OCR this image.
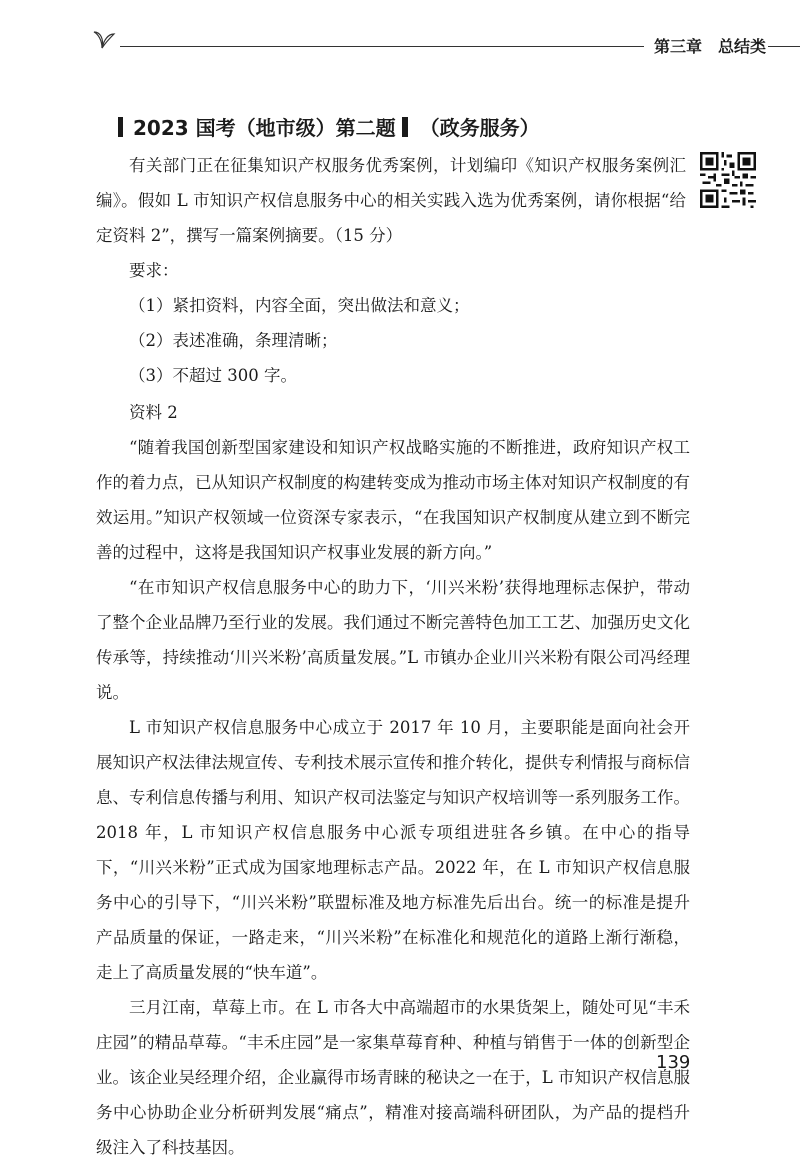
第三章　总结类
2023 国考（地市级）第二题 （政务服务）

有关部门正在征集知识产权服务优秀案例，计划编印《知识产权服务案例汇编》。假如 L 市知识产权信息服务中心的相关实践入选为优秀案例，请你根据“给定资料 2”，撰写一篇案例摘要。（15 分）

要求：

（1）紧扣资料，内容全面，突出做法和意义；

（2）表述准确，条理清晰；

（3）不超过 300 字。

资料 2

“随着我国创新型国家建设和知识产权战略实施的不断推进，政府知识产权工作的着力点，已从知识产权制度的构建转变成为推动市场主体对知识产权制度的有效运用。”知识产权领域一位资深专家表示，“在我国知识产权制度从建立到不断完善的过程中，这将是我国知识产权事业发展的新方向。”

“在市知识产权信息服务中心的助力下，‘川兴米粉’获得地理标志保护，带动了整个企业品牌乃至行业的发展。我们通过不断完善特色加工工艺、加强历史文化传承等，持续推动‘川兴米粉’高质量发展。”L 市镇办企业川兴米粉有限公司冯经理说。

L 市知识产权信息服务中心成立于 2017 年 10 月，主要职能是面向社会开展知识产权法律法规宣传、专利技术展示宣传和推介转化，提供专利情报与商标信息、专利信息传播与利用、知识产权司法鉴定与知识产权培训等一系列服务工作。2018 年，L 市知识产权信息服务中心派专项组进驻各乡镇。在中心的指导下，“川兴米粉”正式成为国家地理标志产品。2022 年，在 L 市知识产权信息服务中心的引导下，“川兴米粉”联盟标准及地方标准先后出台。统一的标准是提升产品质量的保证，一路走来，“川兴米粉”在标准化和规范化的道路上渐行渐稳，走上了高质量发展的“快车道”。

三月江南，草莓上市。在 L 市各大中高端超市的水果货架上，随处可见“丰禾庄园”的精品草莓。“丰禾庄园”是一家集草莓育种、种植与销售于一体的创新型企业。该企业吴经理介绍，企业赢得市场青睐的秘诀之一在于，L 市知识产权信息服务中心协助企业分析研判发展“痛点”，精准对接高端科研团队，为产品的提档升级注入了科技基因。

139
